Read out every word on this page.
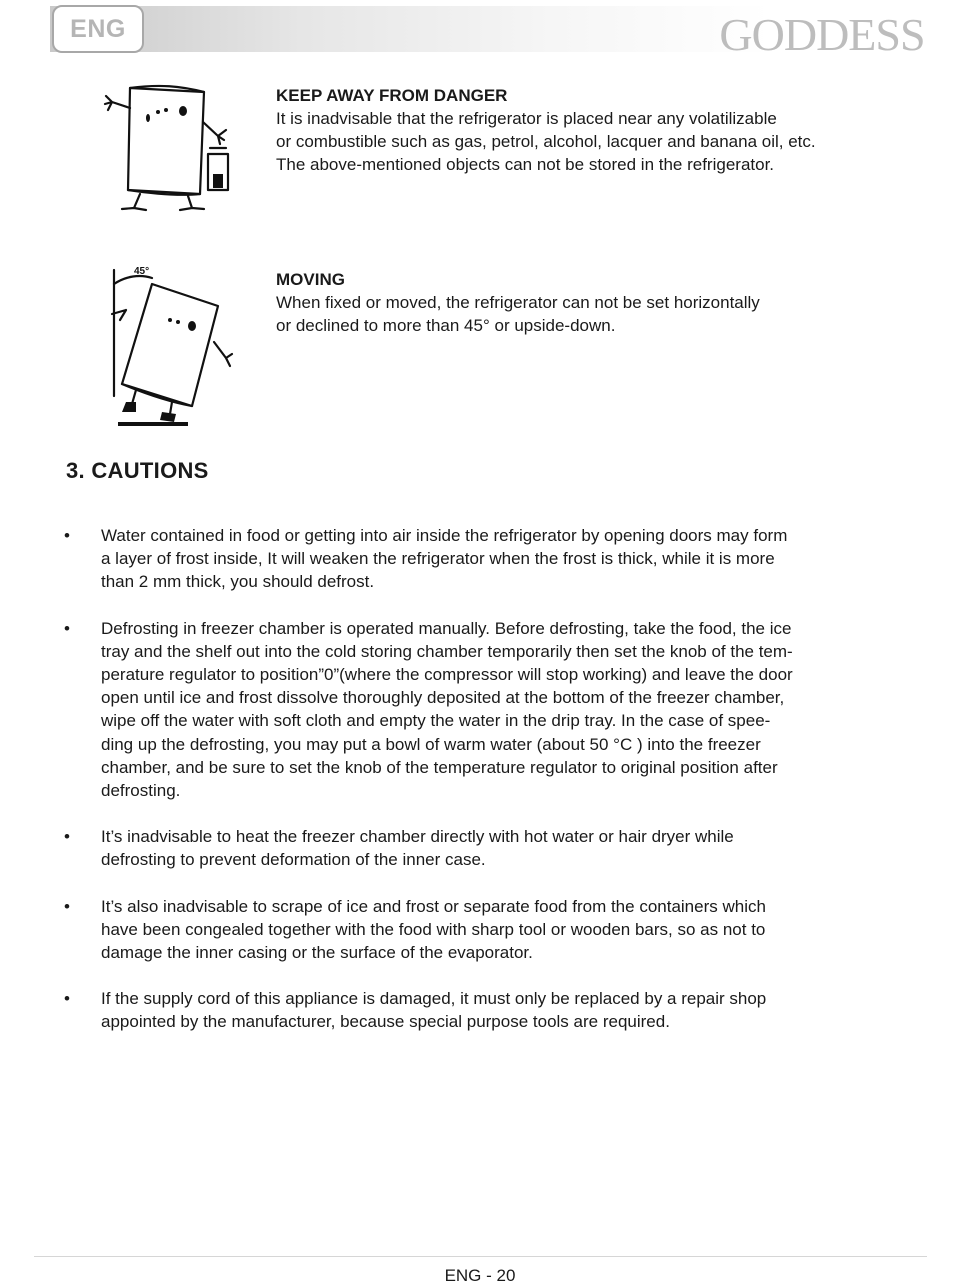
ENG	GODDESS
KEEP AWAY FROM DANGER
It is inadvisable that the refrigerator is placed near any volatilizable
or combustible such as gas, petrol, alcohol, lacquer and banana oil, etc.
The above-mentioned objects can not be stored in the refrigerator.
45°	MOVING
When fixed or moved, the refrigerator can not be set horizontally
or declined to more than 45° or upside-down.
3. CAUTIONS
• Water contained in food or getting into air inside the refrigerator by opening doors may form
a layer of frost inside, It will weaken the refrigerator when the frost is thick, while it is more
than 2 mm thick, you should defrost.
• Defrosting in freezer chamber is operated manually. Before defrosting, take the food, the ice
tray and the shelf out into the cold storing chamber temporarily then set the knob of the tem-
perature regulator to position”0”(where the compressor will stop working) and leave the door
open until ice and frost dissolve thoroughly deposited at the bottom of the freezer chamber,
wipe off the water with soft cloth and empty the water in the drip tray. In the case of spee-
ding up the defrosting, you may put a bowl of warm water (about 50 °C ) into the freezer
chamber, and be sure to set the knob of the temperature regulator to original position after
defrosting.
• It’s inadvisable to heat the freezer chamber directly with hot water or hair dryer while
defrosting to prevent deformation of the inner case.
• It’s also inadvisable to scrape of ice and frost or separate food from the containers which
have been congealed together with the food with sharp tool or wooden bars, so as not to
damage the inner casing or the surface of the evaporator.
• If the supply cord of this appliance is damaged, it must only be replaced by a repair shop
appointed by the manufacturer, because special purpose tools are required.
ENG - 20
